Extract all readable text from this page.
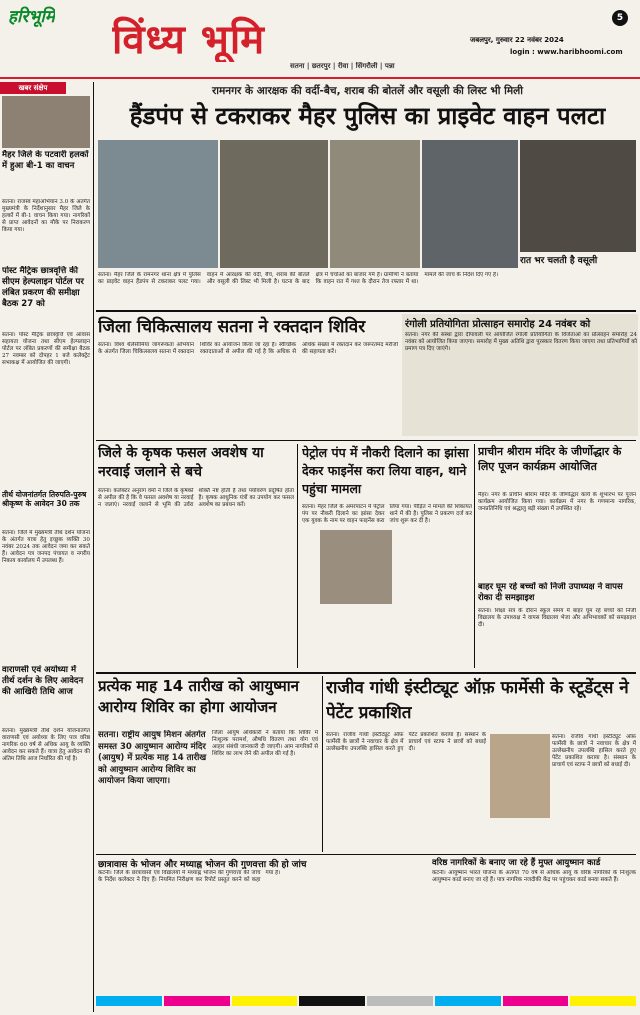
हरिभूमि विंध्य भूमि	5
जबलपुर, गुरुवार 22 नवंबर 2024
login : www.haribhoomi.com
सतना | छतरपुर | रीवा | सिंगरौली | पन्ना
खबर संक्षेप
मैहर जिले के पटवारी हलकों में हुआ बी-1 का वाचन
सतना। राजस्व महाअभियान 3.0 के अंतर्गत मुख्यमंत्री के निर्देशानुसार मैहर जिले के हल्कों में बी-1 वाचन किया गया। नागरिकों से प्राप्त आवेदनों का मौके पर निराकरण किया गया।
पोस्ट मैट्रिक छात्रवृत्ति की सीएम हेल्पलाइन पोर्टल पर लंबित प्रकरण की समीक्षा बैठक 27 को
सतना। पोस्ट मैट्रिक छात्रवृत्ति एवं आवास सहायता योजना तथा सीएम हेल्पलाइन पोर्टल पर लंबित प्रकरणों की समीक्षा बैठक 27 नवम्बर को दोपहर 1 बजे कलेक्ट्रेट सभाकक्ष में आयोजित की जाएगी।
तीर्थ योजनांतर्गत तिरुपति-पुरुष श्रीकृष्ण के आवेदन 30 तक
सतना। जिले में मुख्यमंत्री तीर्थ दर्शन योजना के अंतर्गत यात्रा हेतु इच्छुक व्यक्ति 30 नवंबर 2024 तक आवेदन जमा कर सकते हैं। आवेदन पत्र जनपद पंचायत व नगरीय निकाय कार्यालय में उपलब्ध हैं।
वाराणसी एवं अयोध्या में तीर्थ दर्शन के लिए आवेदन की आखिरी तिथि आज
सतना। मुख्यमंत्री तीर्थ दर्शन योजनांतर्गत वाराणसी एवं अयोध्या के लिए पात्र वरिष्ठ नागरिक 60 वर्ष से अधिक आयु के व्यक्ति आवेदन कर सकते हैं। यात्रा हेतु आवेदन की अंतिम तिथि आज निर्धारित की गई है।
रामनगर के आरक्षक की वर्दी-बैच, शराब की बोतलें और वसूली की लिस्ट भी मिली
हैंडपंप से टकराकर मैहर पुलिस का प्राइवेट वाहन पलटा
रात भर चलती है वसूली
सतना। मैहर जिले के रामनगर थाना क्षेत्र में पुलिस का प्राइवेट वाहन हैंडपंप से टकराकर पलट गया। वाहन में आरक्षक की वर्दी, बैच, शराब की बोतलें और वसूली की लिस्ट भी मिली है। घटना के बाद क्षेत्र में चर्चाओं का बाजार गर्म है। ग्रामीणों ने बताया कि वाहन रात में गश्त के दौरान तेज रफ्तार में था। मामले की जांच के निर्देश दिए गए हैं।
जिला चिकित्सालय सतना ने रक्तदान शिविर
सतना। विश्व थैलेसीमिया जागरूकता अभियान के अंतर्गत जिला चिकित्सालय सतना में रक्तदान शिविर का आयोजन किया जा रहा है। स्वैच्छिक रक्तदाताओं से अपील की गई है कि अधिक से अधिक संख्या में रक्तदान कर जरूरतमंद मरीजों की सहायता करें।
रंगोली प्रतियोगिता प्रोत्साहन समारोह 24 नवंबर को
सतना। नगर की संस्था द्वारा दीपावली पर आयोजित रंगोली प्रतियोगिता के विजेताओं का प्रोत्साहन समारोह 24 नवंबर को आयोजित किया जाएगा। समारोह में मुख्य अतिथि द्वारा पुरस्कार वितरण किया जाएगा तथा प्रतिभागियों को प्रमाण पत्र दिए जाएंगे।
जिले के कृषक फसल अवशेष या नरवाई जलाने से बचे
सतना। कलेक्टर अनुराग वर्मा ने जिले के कृषकों से अपील की है कि वे फसल अवशेष या नरवाई न जलाएं। नरवाई जलाने से भूमि की उर्वरा शक्ति नष्ट होती है तथा पर्यावरण प्रदूषित होता है। कृषक आधुनिक यंत्रों का उपयोग कर फसल अवशेष का प्रबंधन करें।
पेट्रोल पंप में नौकरी दिलाने का झांसा देकर फाइनेंस करा लिया वाहन, थाने पहुंचा मामला
सतना। मैहर जिले के अमरपाटन में पेट्रोल पंप पर नौकरी दिलाने का झांसा देकर एक युवक के नाम पर वाहन फाइनेंस करा लिया गया। पीड़ित ने मामले की शिकायत थाने में की है। पुलिस ने प्रकरण दर्ज कर जांच शुरू कर दी है।
प्राचीन श्रीराम मंदिर के जीर्णोद्धार के लिए पूजन कार्यक्रम आयोजित
मैहर। नगर के प्राचीन श्रीराम मंदिर के जीर्णोद्धार कार्य के शुभारंभ पर पूजन कार्यक्रम आयोजित किया गया। कार्यक्रम में नगर के गणमान्य नागरिक, जनप्रतिनिधि एवं श्रद्धालु बड़ी संख्या में उपस्थित रहे।
बाहर घूम रहे बच्चों को निजी उपाध्यक्ष ने वापस रोका दी समझाइश
सतना। शिक्षा सत्र के दौरान स्कूल समय में बाहर घूम रहे बच्चों को निजी विद्यालय के उपाध्यक्ष ने वापस विद्यालय भेजा और अभिभावकों को समझाइश दी।
प्रत्येक माह 14 तारीख को आयुष्मान आरोग्य शिविर का होगा आयोजन
सतना। राष्ट्रीय आयुष मिशन अंतर्गत समस्त 30 आयुष्मान आरोग्य मंदिर (आयुष) में प्रत्येक माह 14 तारीख को आयुष्मान आरोग्य शिविर का आयोजन किया जाएगा।
जिला आयुष अधिकारी ने बताया कि शिविर में निःशुल्क परामर्श, औषधि वितरण तथा योग एवं आहार संबंधी जानकारी दी जाएगी। आम नागरिकों से शिविर का लाभ लेने की अपील की गई है।
राजीव गांधी इंस्टीट्यूट ऑफ़ फार्मेसी के स्टूडेंट्स ने पेटेंट प्रकाशित
सतना। राजीव गांधी इंस्टीट्यूट ऑफ़ फार्मेसी के छात्रों ने नवाचार के क्षेत्र में उल्लेखनीय उपलब्धि हासिल करते हुए पेटेंट प्रकाशित कराया है। संस्थान के प्राचार्य एवं स्टाफ ने छात्रों को बधाई दी।
सतना। राजीव गांधी इंस्टीट्यूट ऑफ़ फार्मेसी के छात्रों ने नवाचार के क्षेत्र में उल्लेखनीय उपलब्धि हासिल करते हुए पेटेंट प्रकाशित कराया है। संस्थान के प्राचार्य एवं स्टाफ ने छात्रों को बधाई दी।
छात्रावास के भोजन और मध्याह्न भोजन की गुणवत्ता की हो जांच
कटनी। जिले के छात्रावासों एवं विद्यालयों में मध्याह्न भोजन की गुणवत्ता की जांच के निर्देश कलेक्टर ने दिए हैं। नियमित निरीक्षण कर रिपोर्ट प्रस्तुत करने को कहा गया है।
वरिष्ठ नागरिकों के बनाए जा रहे हैं मुफ्त आयुष्मान कार्ड
कटनी। आयुष्मान भारत योजना के अंतर्गत 70 वर्ष से अधिक आयु के वरिष्ठ नागरिकों के निःशुल्क आयुष्मान कार्ड बनाए जा रहे हैं। पात्र नागरिक नजदीकी केंद्र पर पहुंचकर कार्ड बनवा सकते हैं।
